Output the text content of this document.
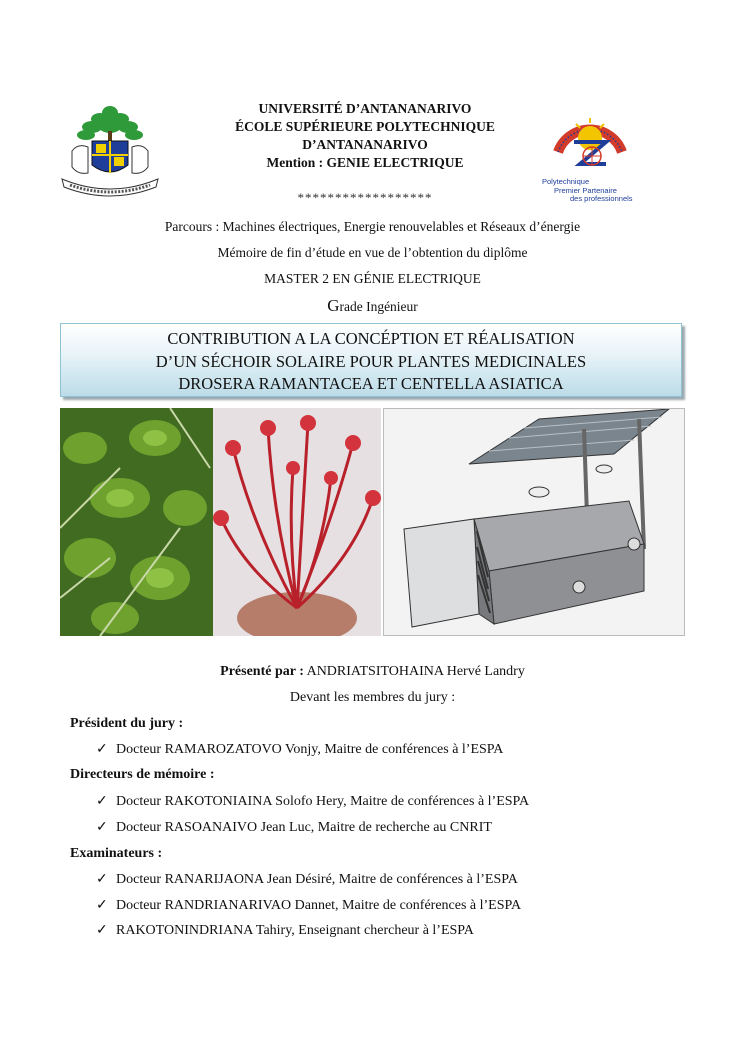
UNIVERSITÉ D’ANTANANARIVO
ÉCOLE SUPÉRIEURE POLYTECHNIQUE
D’ANTANANARIVO
Mention : GENIE ELECTRIQUE
******************
Polytechnique
Premier Partenaire
des professionnels
Parcours : Machines électriques, Energie renouvelables et Réseaux d’énergie
Mémoire de fin d’étude en vue de l’obtention du diplôme
MASTER 2 EN GÉNIE ELECTRIQUE
Grade Ingénieur
CONTRIBUTION A LA CONCÉPTION ET RÉALISATION
D’UN SÉCHOIR SOLAIRE POUR PLANTES MEDICINALES
DROSERA RAMANTACEA ET CENTELLA ASIATICA
Présenté par : ANDRIATSITOHAINA Hervé Landry
Devant les membres du jury :
Président du jury :
✓ Docteur RAMAROZATOVO Vonjy, Maitre de conférences à l’ESPA
Directeurs de mémoire :
✓ Docteur RAKOTONIAINA Solofo Hery, Maitre de conférences à l’ESPA
✓ Docteur RASOANAIVO Jean Luc, Maitre de recherche au CNRIT
Examinateurs :
✓ Docteur RANARIJAONA Jean Désiré, Maitre de conférences à l’ESPA
✓ Docteur RANDRIANARIVAO Dannet, Maitre de conférences à l’ESPA
✓ RAKOTONINDRIANA Tahiry, Enseignant chercheur à l’ESPA
